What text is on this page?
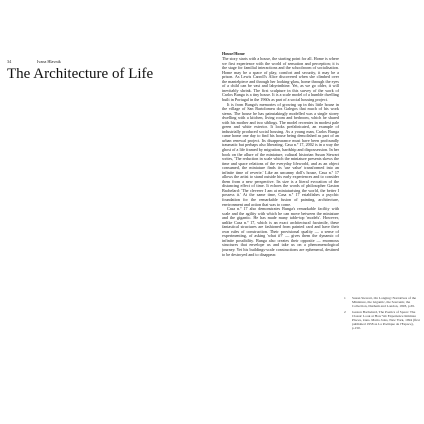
34	Ivana Hlavnik
The Architecture of Life

House/Home

The story starts with a house, the starting point for all. Home is where we first experience with the world of sensation and perception; it is the stage for familial interactions and the schoolroom of socialisation. Home may be a space of play, comfort and security, it may be a prison. As Lewis Carroll's Alice discovered when she climbed over the mantelpiece and through her looking-glass, home through the eyes of a child can be vast and labyrinthine. Yet, as we go older, it will inevitably shrink. The first sculpture in this survey of the work of Carlos Bunga is a tiny house. It is a scale model of a humble dwelling built in Portugal in the 1960s as part of a social housing project.

It is from Bunga's memories of growing up in this little house in the village of San Bartolomeu dos Galegos that much of his work stems. The house he has painstakingly modelled was a single storey dwelling with a kitchen, living room and bedroom, which he shared with his mother and two siblings. The model recreates in modest pale green and white exterior. It looks prefabricated, an example of industrially produced social housing. As a young man, Carlos Bunga came home one day to find his house being demolished as part of an urban renewal project. Its disappearance must have been profoundly traumatic but perhaps also liberating. Casa n.º 17, 2002 is in a way the ghost of a life framed by migration, hardship and dispossession. In her book on the allure of the miniature, cultural historian Susan Stewart writes, 'The reduction in scale which the miniature presents skews the time and space relations of the everyday lifeworld, and as an object consumed, the miniature finds its 'use value' transformed into an infinite time of reverie.' Like an uncanny doll's house, Casa n.º 17 allows the artist to stand outside his early experiences and to consider them from a new perspective. Its size is a literal evocation of the distancing effect of time. It echoes the words of philosopher Gaston Bachelard: 'The cleverer I am at miniaturising the world, the better I possess it.' At the same time, Casa n.º 17 establishes a psychic foundation for the remarkable fusion of painting, architecture, environment and action that was to come.

Casa n.º 17 also demonstrates Bunga's remarkable facility with scale and the agility with which he can move between the miniature and the gigantic. He has made many table-top 'models'. However, unlike Casa n.º 17, which is an exact architectural facsimile, these fantastical structures are fashioned from painted card and have their own rules of construction. Their provisional quality — a sense of experimenting, of asking 'what if?' — gives them the dynamic of infinite possibility. Bunga also creates their opposite — enormous structures that envelope us and take us on a phenomenological journey. Yet his buildings-scale constructions are ephemeral, destined to be destroyed and to disappear.

1	Susan Stewart, On Longing: Narratives of the Miniature, the Gigantic, the Souvenir, the Collection, Durham and London, 1993, p.65.
2	Gaston Bachelard, The Poetics of Space: The Classic Look at How We Experience Intimate Places, trans. Maria Jolas, New York, 1994 (first published 1958 as La Poétique de l'Espace), p.150.
